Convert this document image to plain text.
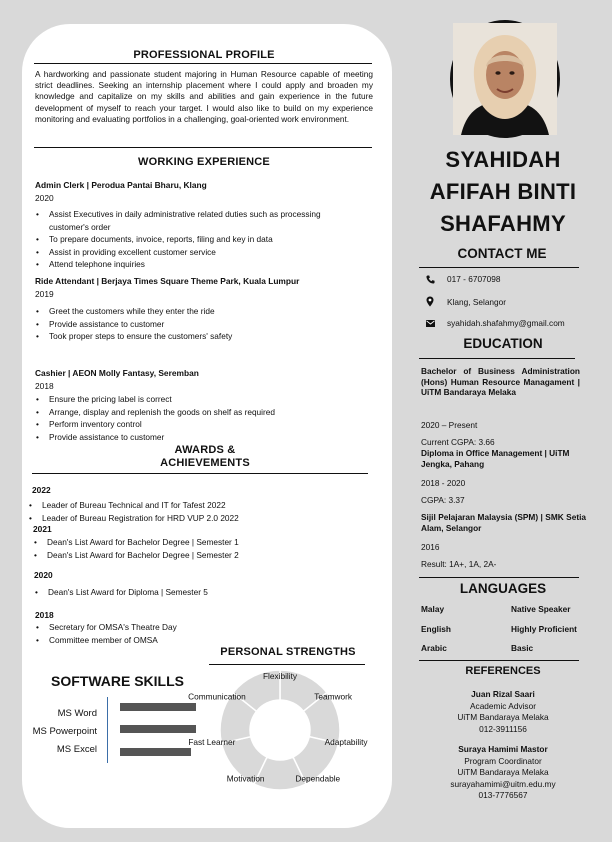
PROFESSIONAL PROFILE
A hardworking and passionate student majoring in Human Resource capable of meeting strict deadlines. Seeking an internship placement where I could apply and broaden my knowledge and capitalize on my skills and abilities and gain experience in the future development of myself to reach your target. I would also like to build on my experience monitoring and evaluating portfolios in a challenging, goal-oriented work environment.
WORKING EXPERIENCE
Admin Clerk | Perodua Pantai Bharu, Klang
2020
• Assist Executives in daily administrative related duties such as processing customer's order
• To prepare documents, invoice, reports, filing and key in data
• Assist in providing excellent customer service
• Attend telephone inquiries
Ride Attendant | Berjaya Times Square Theme Park, Kuala Lumpur
2019
• Greet the customers while they enter the ride
• Provide assistance to customer
• Took proper steps to ensure the customers' safety
Cashier | AEON Molly Fantasy, Seremban
2018
• Ensure the pricing label is correct
• Arrange, display and replenish the goods on shelf as required
• Perform inventory control
• Provide assistance to customer
AWARDS &
ACHIEVEMENTS
2022
• Leader of Bureau Technical and IT for Tafest 2022
• Leader of Bureau Registration for HRD VUP 2.0 2022
2021
• Dean's List Award for Bachelor Degree | Semester 1
• Dean's List Award for Bachelor Degree | Semester 2
2020
• Dean's List Award for Diploma | Semester 5
2018
• Secretary for OMSA's Theatre Day
• Committee member of OMSA
PERSONAL STRENGTHS
Flexibility
Teamwork
Adaptability
Dependable
Motivation
Fast Learner
Communication
SOFTWARE SKILLS
MS Word
MS Powerpoint
MS Excel
SYAHIDAH
AFIFAH BINTI
SHAFAHMY
CONTACT ME
017 - 6707098
Klang, Selangor
syahidah.shafahmy@gmail.com
EDUCATION
Bachelor of Business Administration (Hons) Human Resource Managament | UiTM Bandaraya Melaka
2020 – Present
Current CGPA: 3.66
Diploma in Office Management | UiTM Jengka, Pahang
2018 - 2020
CGPA: 3.37
Sijil Pelajaran Malaysia (SPM) | SMK Setia Alam, Selangor
2016
Result: 1A+, 1A, 2A-
LANGUAGES
Malay	Native Speaker
English	Highly Proficient
Arabic	Basic
REFERENCES
Juan Rizal Saari
Academic Advisor
UiTM Bandaraya Melaka
012-3911156
Suraya Hamimi Mastor
Program Coordinator
UiTM Bandaraya Melaka
surayahamimi@uitm.edu.my
013-7776567
